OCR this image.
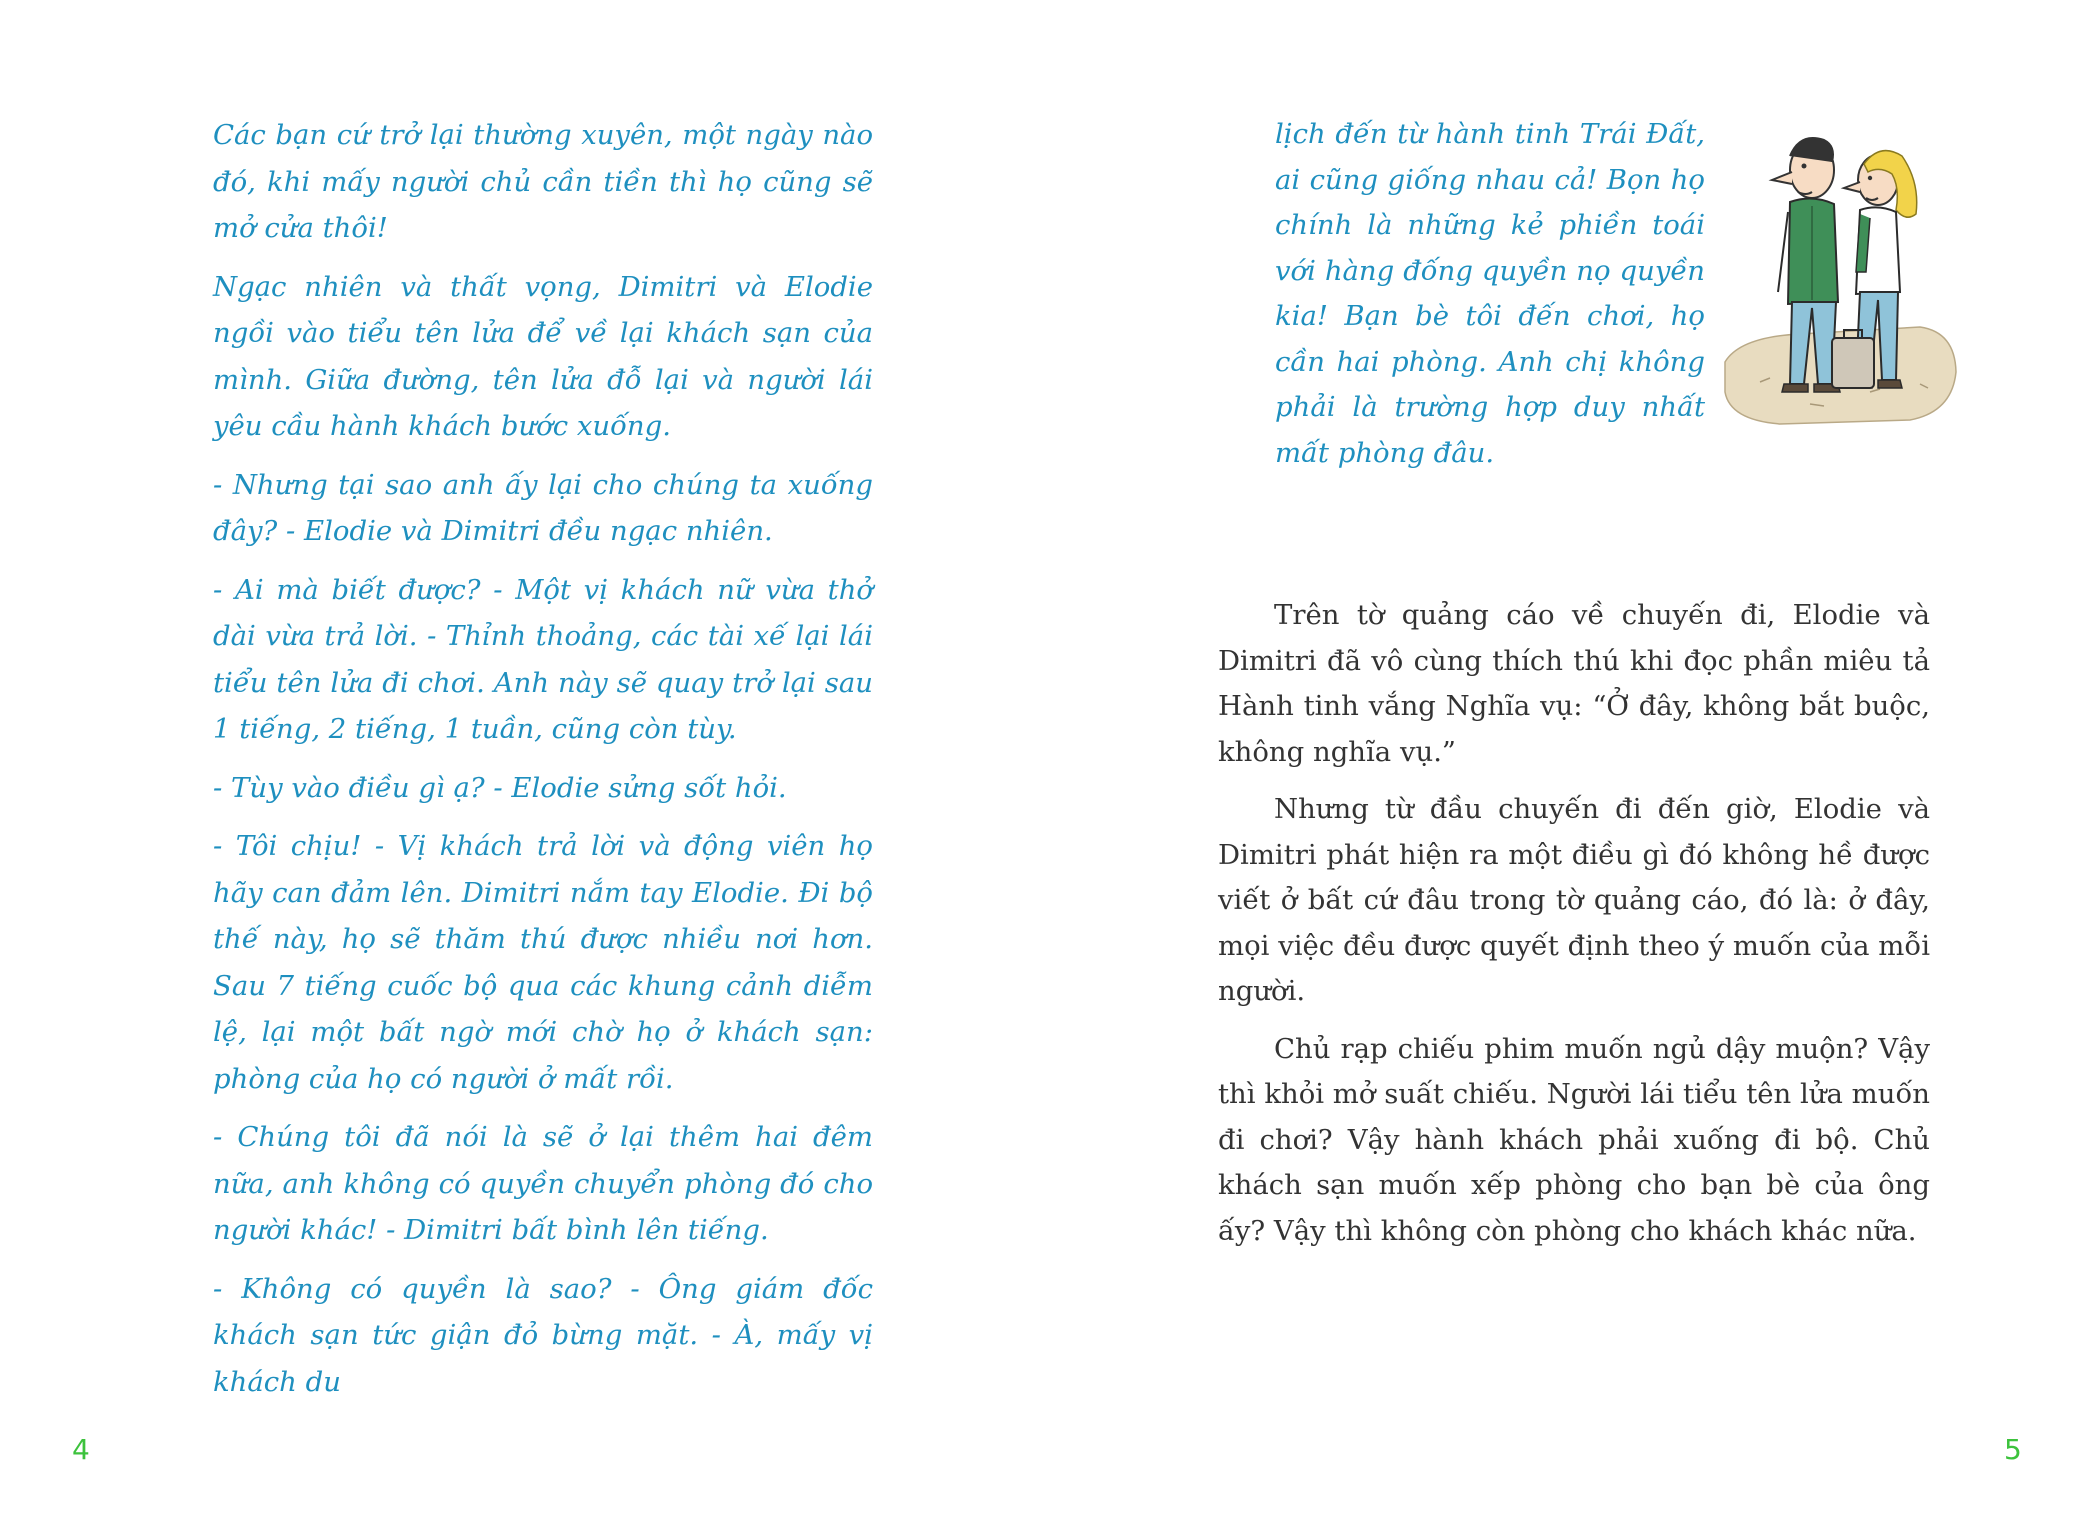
Các bạn cứ trở lại thường xuyên, một ngày nào đó, khi mấy người chủ cần tiền thì họ cũng sẽ mở cửa thôi!

Ngạc nhiên và thất vọng, Dimitri và Elodie ngồi vào tiểu tên lửa để về lại khách sạn của mình. Giữa đường, tên lửa đỗ lại và người lái yêu cầu hành khách bước xuống.

- Nhưng tại sao anh ấy lại cho chúng ta xuống đây? - Elodie và Dimitri đều ngạc nhiên.

- Ai mà biết được? - Một vị khách nữ vừa thở dài vừa trả lời. - Thỉnh thoảng, các tài xế lại lái tiểu tên lửa đi chơi. Anh này sẽ quay trở lại sau 1 tiếng, 2 tiếng, 1 tuần, cũng còn tùy.

- Tùy vào điều gì ạ? - Elodie sửng sốt hỏi.

- Tôi chịu! - Vị khách trả lời và động viên họ hãy can đảm lên. Dimitri nắm tay Elodie. Đi bộ thế này, họ sẽ thăm thú được nhiều nơi hơn. Sau 7 tiếng cuốc bộ qua các khung cảnh diễm lệ, lại một bất ngờ mới chờ họ ở khách sạn: phòng của họ có người ở mất rồi.

- Chúng tôi đã nói là sẽ ở lại thêm hai đêm nữa, anh không có quyền chuyển phòng đó cho người khác! - Dimitri bất bình lên tiếng.

- Không có quyền là sao? - Ông giám đốc khách sạn tức giận đỏ bừng mặt. - À, mấy vị khách du

lịch đến từ hành tinh Trái Đất, ai cũng giống nhau cả! Bọn họ chính là những kẻ phiền toái với hàng đống quyền nọ quyền kia! Bạn bè tôi đến chơi, họ cần hai phòng. Anh chị không phải là trường hợp duy nhất mất phòng đâu.

Trên tờ quảng cáo về chuyến đi, Elodie và Dimitri đã vô cùng thích thú khi đọc phần miêu tả Hành tinh vắng Nghĩa vụ: “Ở đây, không bắt buộc, không nghĩa vụ.”

Nhưng từ đầu chuyến đi đến giờ, Elodie và Dimitri phát hiện ra một điều gì đó không hề được viết ở bất cứ đâu trong tờ quảng cáo, đó là: ở đây, mọi việc đều được quyết định theo ý muốn của mỗi người.

Chủ rạp chiếu phim muốn ngủ dậy muộn? Vậy thì khỏi mở suất chiếu. Người lái tiểu tên lửa muốn đi chơi? Vậy hành khách phải xuống đi bộ. Chủ khách sạn muốn xếp phòng cho bạn bè của ông ấy? Vậy thì không còn phòng cho khách khác nữa.

4	5
